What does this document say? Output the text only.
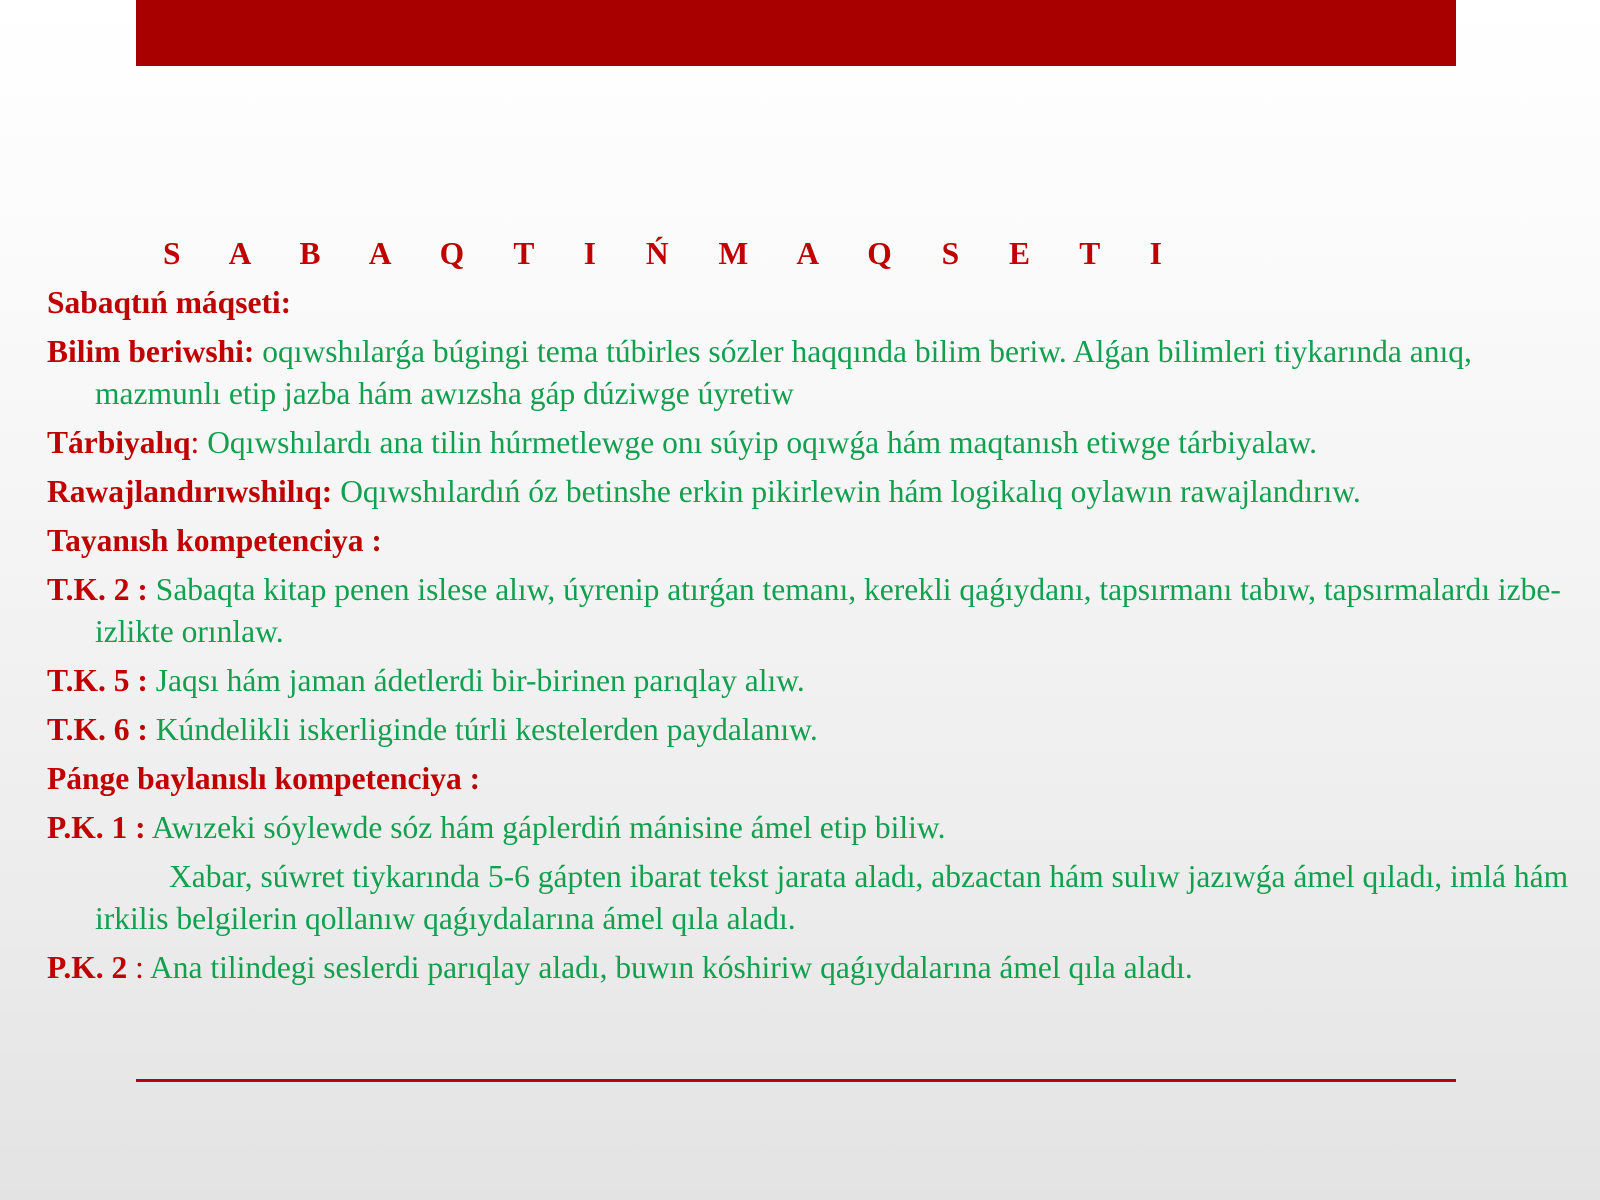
S A B A Q T I Ń M A Q S E T I
Sabaqtıń máqseti:
Bilim beriwshi: oqıwshılarǵa búgingi tema túbirles sózler haqqında bilim beriw. Alǵan bilimleri tiykarında anıq, mazmunlı etip jazba hám awızsha gáp dúziwge úyretiw
Tárbiyalıq: Oqıwshılardı ana tilin húrmetlewge onı súyip oqıwǵa hám maqtanısh etiwge tárbiyalaw.
Rawajlandırıwshilıq: Oqıwshılardıń óz betinshe erkin pikirlewin hám logikalıq oylawın rawajlandırıw.
Tayanısh kompetenciya :
T.K. 2 : Sabaqta kitap penen islese alıw, úyrenip atırǵan temanı, kerekli qaǵıydanı, tapsırmanı tabıw, tapsırmalardı izbe-izlikte orınlaw.
T.K. 5 : Jaqsı hám jaman ádetlerdi bir-birinen parıqlay alıw.
T.K. 6 : Kúndelikli iskerliginde túrli kestelerden paydalanıw.
Pánge baylanıslı kompetenciya :
P.K. 1 : Awızeki sóylewde sóz hám gáplerdiń mánisine ámel etip biliw.
Xabar, súwret tiykarında 5-6 gápten ibarat tekst jarata aladı, abzactan hám sulıw jazıwǵa ámel qıladı, imlá hám irkilis belgilerin qollanıw qaǵıydalarına ámel qıla aladı.
P.K. 2 : Ana tilindegi seslerdi parıqlay aladı, buwın kóshiriw qaǵıydalarına ámel qıla aladı.
